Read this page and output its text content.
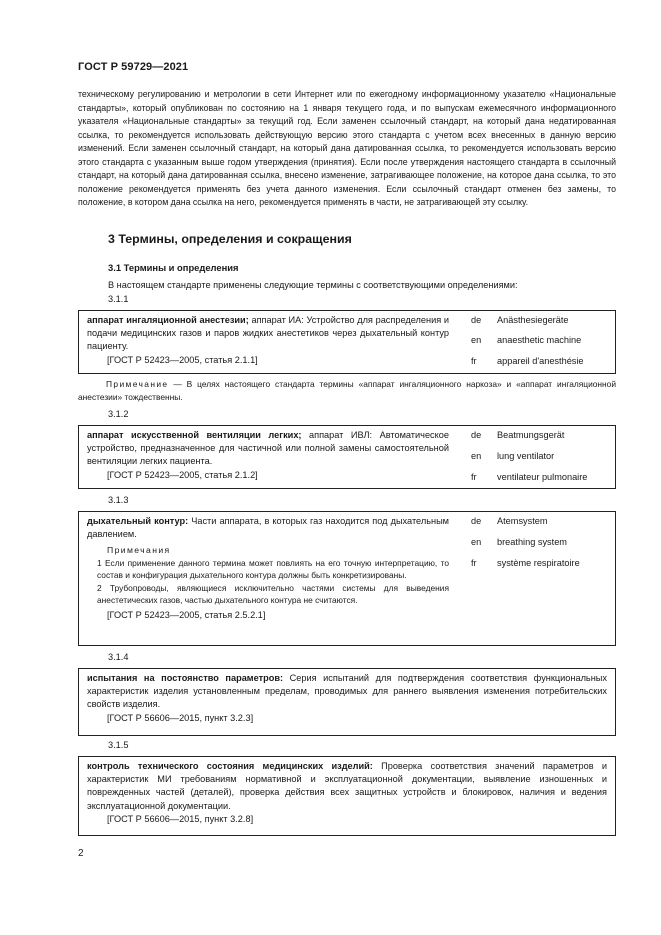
ГОСТ Р 59729—2021
техническому регулированию и метрологии в сети Интернет или по ежегодному информационному указателю «Национальные стандарты», который опубликован по состоянию на 1 января текущего года, и по выпускам ежемесячного информационного указателя «Национальные стандарты» за текущий год. Если заменен ссылочный стандарт, на который дана недатированная ссылка, то рекомендуется использовать действующую версию этого стандарта с учетом всех внесенных в данную версию изменений. Если заменен ссылочный стандарт, на который дана датированная ссылка, то рекомендуется использовать версию этого стандарта с указанным выше годом утверждения (принятия). Если после утверждения настоящего стандарта в ссылочный стандарт, на который дана датированная ссылка, внесено изменение, затрагивающее положение, на которое дана ссылка, то это положение рекомендуется применять без учета данного изменения. Если ссылочный стандарт отменен без замены, то положение, в котором дана ссылка на него, рекомендуется применять в части, не затрагивающей эту ссылку.
3 Термины, определения и сокращения
3.1 Термины и определения
В настоящем стандарте применены следующие термины с соответствующими определениями:
3.1.1
аппарат ингаляционной анестезии; аппарат ИА: Устройство для распределения и подачи медицинских газов и паров жидких анестетиков через дыхательный контур пациенту.
[ГОСТ Р 52423—2005, статья 2.1.1]
de Anästhesiegeräte
en anaesthetic machine
fr appareil d'anesthésie
Примечание — В целях настоящего стандарта термины «аппарат ингаляционного наркоза» и «аппарат ингаляционной анестезии» тождественны.
3.1.2
аппарат искусственной вентиляции легких; аппарат ИВЛ: Автоматическое устройство, предназначенное для частичной или полной замены самостоятельной вентиляции легких пациента.
[ГОСТ Р 52423—2005, статья 2.1.2]
de Beatmungsgerät
en lung ventilator
fr ventilateur pulmonaire
3.1.3
дыхательный контур: Части аппарата, в которых газ находится под дыхательным давлением.
Примечания
1 Если применение данного термина может повлиять на его точную интерпретацию, то состав и конфигурация дыхательного контура должны быть конкретизированы.
2 Трубопроводы, являющиеся исключительно частями системы для выведения анестетических газов, частью дыхательного контура не считаются.
[ГОСТ Р 52423—2005, статья 2.5.2.1]
de Atemsystem
en breathing system
fr système respiratoire
3.1.4
испытания на постоянство параметров: Серия испытаний для подтверждения соответствия функциональных характеристик изделия установленным пределам, проводимых для раннего выявления изменения потребительских свойств изделия.
[ГОСТ Р 56606—2015, пункт 3.2.3]
3.1.5
контроль технического состояния медицинских изделий: Проверка соответствия значений параметров и характеристик МИ требованиям нормативной и эксплуатационной документации, выявление изношенных и поврежденных частей (деталей), проверка действия всех защитных устройств и блокировок, наличия и ведения эксплуатационной документации.
[ГОСТ Р 56606—2015, пункт 3.2.8]
2
